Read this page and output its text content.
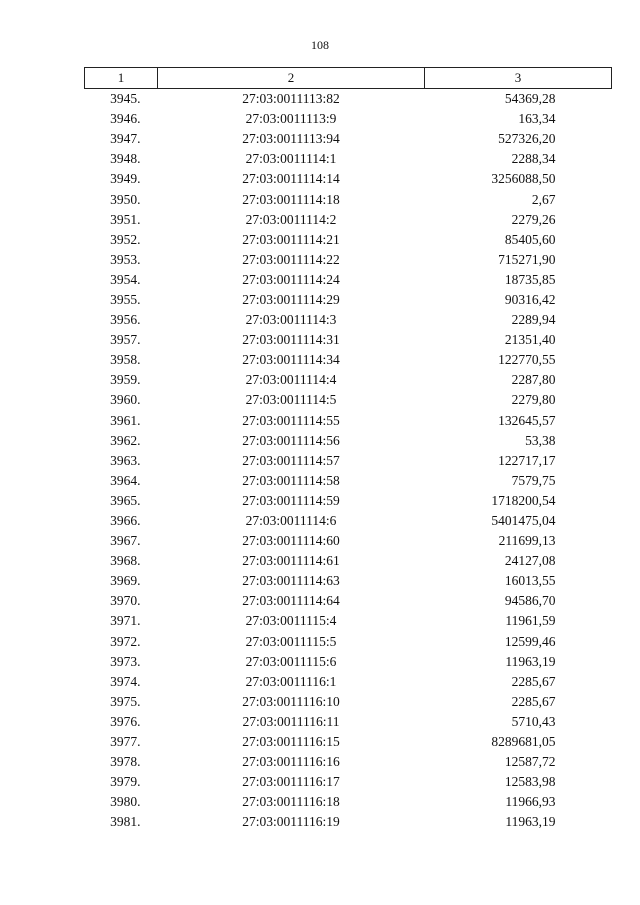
108
1	2	3
3945.	27:03:0011113:82	54369,28
3946.	27:03:0011113:9	163,34
3947.	27:03:0011113:94	527326,20
3948.	27:03:0011114:1	2288,34
3949.	27:03:0011114:14	3256088,50
3950.	27:03:0011114:18	2,67
3951.	27:03:0011114:2	2279,26
3952.	27:03:0011114:21	85405,60
3953.	27:03:0011114:22	715271,90
3954.	27:03:0011114:24	18735,85
3955.	27:03:0011114:29	90316,42
3956.	27:03:0011114:3	2289,94
3957.	27:03:0011114:31	21351,40
3958.	27:03:0011114:34	122770,55
3959.	27:03:0011114:4	2287,80
3960.	27:03:0011114:5	2279,80
3961.	27:03:0011114:55	132645,57
3962.	27:03:0011114:56	53,38
3963.	27:03:0011114:57	122717,17
3964.	27:03:0011114:58	7579,75
3965.	27:03:0011114:59	1718200,54
3966.	27:03:0011114:6	5401475,04
3967.	27:03:0011114:60	211699,13
3968.	27:03:0011114:61	24127,08
3969.	27:03:0011114:63	16013,55
3970.	27:03:0011114:64	94586,70
3971.	27:03:0011115:4	11961,59
3972.	27:03:0011115:5	12599,46
3973.	27:03:0011115:6	11963,19
3974.	27:03:0011116:1	2285,67
3975.	27:03:0011116:10	2285,67
3976.	27:03:0011116:11	5710,43
3977.	27:03:0011116:15	8289681,05
3978.	27:03:0011116:16	12587,72
3979.	27:03:0011116:17	12583,98
3980.	27:03:0011116:18	11966,93
3981.	27:03:0011116:19	11963,19
